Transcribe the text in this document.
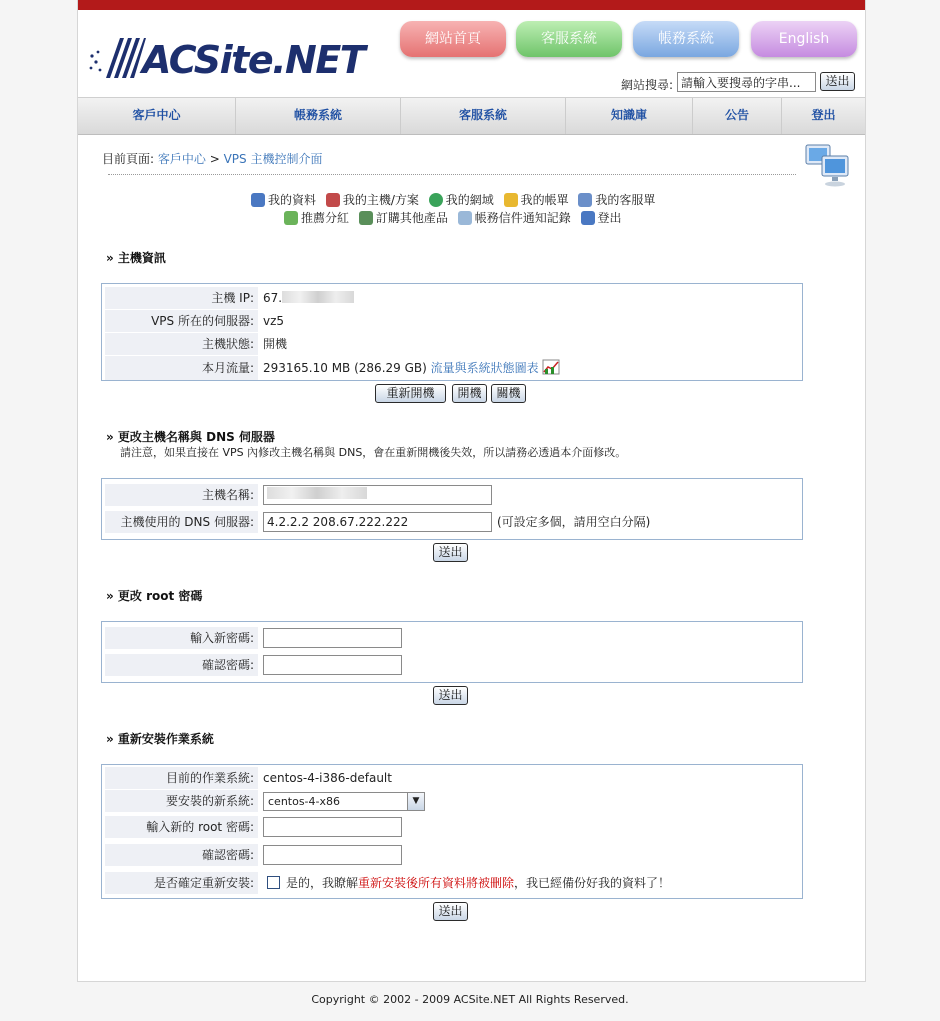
ACSite.NET	網站首頁	客服系統	帳務系統	English
網站搜尋:
請輸入要搜尋的字串...	送出
客戶中心	帳務系統	客服系統	知識庫	公告	登出
目前頁面: 客戶中心 > VPS 主機控制介面
我的資料 我的主機/方案 我的網域 我的帳單 我的客服單
推薦分紅 訂購其他產品 帳務信件通知記錄 登出
» 主機資訊
主機 IP: 67.
VPS 所在的伺服器: vz5
主機狀態: 開機
本月流量: 293165.10 MB (286.29 GB) 流量與系統狀態圖表
重新開機	開機	關機
» 更改主機名稱與 DNS 伺服器
請注意，如果直接在 VPS 內修改主機名稱與 DNS，會在重新開機後失效，所以請務必透過本介面修改。
主機名稱:
主機使用的 DNS 伺服器:
4.2.2.2 208.67.222.222	(可設定多個，請用空白分隔)
送出
» 更改 root 密碼
輸入新密碼:
確認密碼:
送出
» 重新安裝作業系統
目前的作業系統: centos-4-i386-default
要安裝的新系統:	centos-4-x86	▼
輸入新的 root 密碼:
確認密碼:
是否確定重新安裝:	是的，我瞭解重新安裝後所有資料將被刪除，我已經備份好我的資料了！
送出
Copyright © 2002 - 2009 ACSite.NET All Rights Reserved.
